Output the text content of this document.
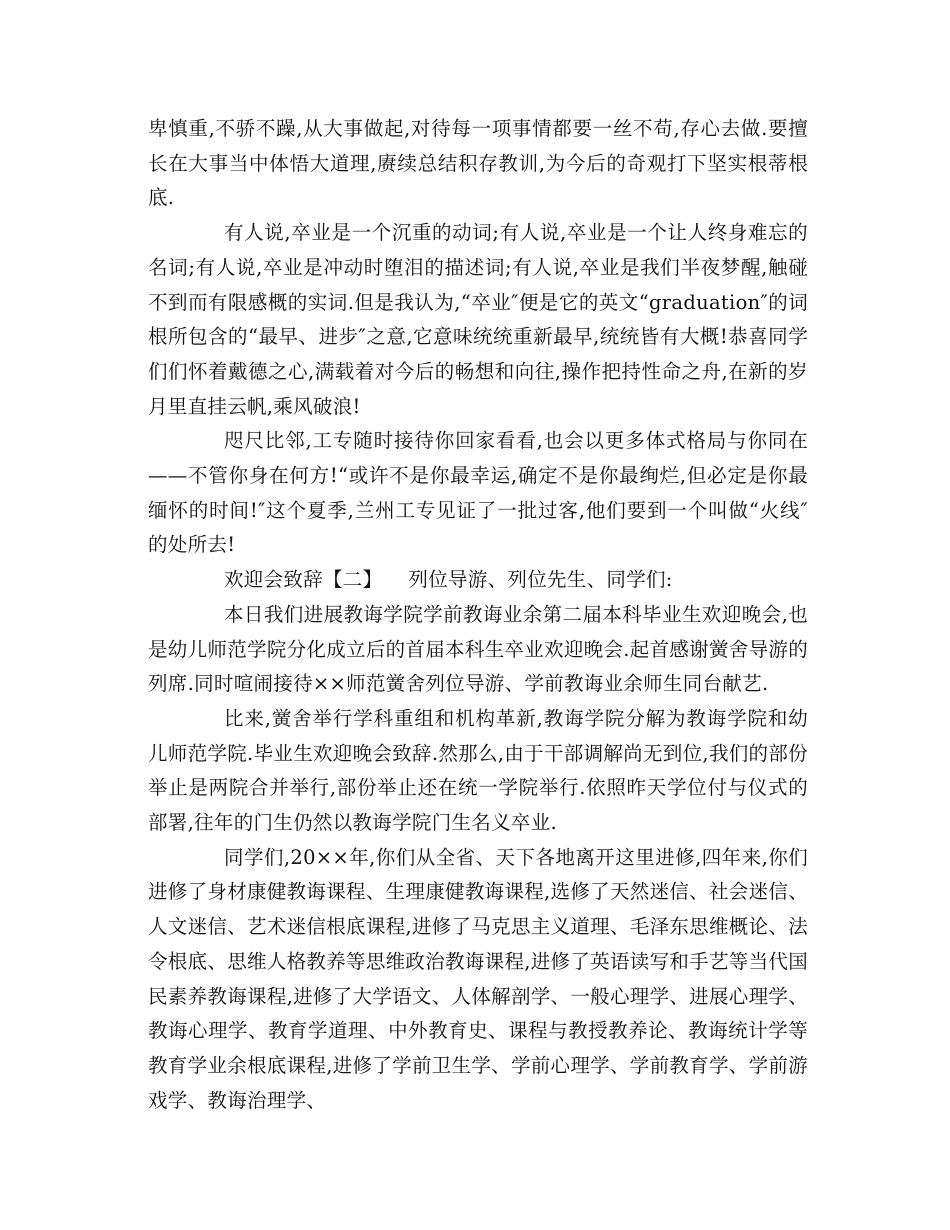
卑慎重,不骄不躁,从大事做起,对待每一项事情都要一丝不苟,存心去做.要擅长在大事当中体悟大道理,赓续总结积存教训,为今后的奇观打下坚实根蒂根底.

有人说,卒业是一个沉重的动词;有人说,卒业是一个让人终身难忘的名词;有人说,卒业是冲动时堕泪的描述词;有人说,卒业是我们半夜梦醒,触碰不到而有限感概的实词.但是我认为,“卒业″便是它的英文“graduation″的词根所包含的“最早、进步″之意,它意味统统重新最早,统统皆有大概!恭喜同学们们怀着戴德之心,满载着对今后的畅想和向往,操作把持性命之舟,在新的岁月里直挂云帆,乘风破浪!

咫尺比邻,工专随时接待你回家看看,也会以更多体式格局与你同在——不管你身在何方!“或许不是你最幸运,确定不是你最绚烂,但必定是你最缅怀的时间!″这个夏季,兰州工专见证了一批过客,他们要到一个叫做“火线″的处所去!

欢迎会致辞【二】    列位导游、列位先生、同学们:

本日我们进展教诲学院学前教诲业余第二届本科毕业生欢迎晚会,也是幼儿师范学院分化成立后的首届本科生卒业欢迎晚会.起首感谢黉舍导游的列席.同时喧闹接待××师范黉舍列位导游、学前教诲业余师生同台献艺.

比来,黉舍举行学科重组和机构革新,教诲学院分解为教诲学院和幼儿师范学院.毕业生欢迎晚会致辞.然那么,由于干部调解尚无到位,我们的部份举止是两院合并举行,部份举止还在统一学院举行.依照昨天学位付与仪式的部署,往年的门生仍然以教诲学院门生名义卒业.

同学们,20××年,你们从全省、天下各地离开这里进修,四年来,你们进修了身材康健教诲课程、生理康健教诲课程,选修了天然迷信、社会迷信、人文迷信、艺术迷信根底课程,进修了马克思主义道理、毛泽东思维概论、法令根底、思维人格教养等思维政治教诲课程,进修了英语读写和手艺等当代国民素养教诲课程,进修了大学语文、人体解剖学、一般心理学、进展心理学、教诲心理学、教育学道理、中外教育史、课程与教授教养论、教诲统计学等教育学业余根底课程,进修了学前卫生学、学前心理学、学前教育学、学前游戏学、教诲治理学、
